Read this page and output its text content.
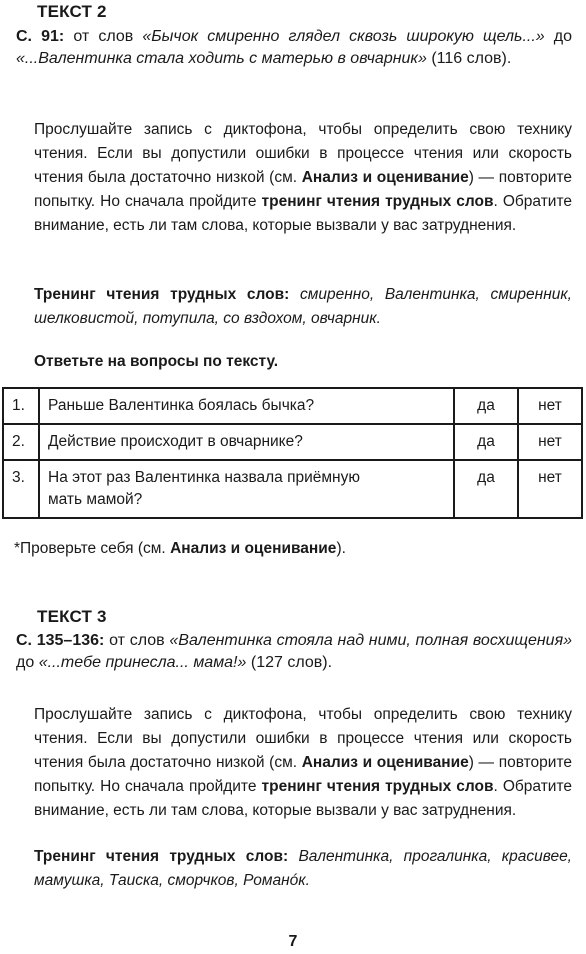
ТЕКСТ 2
С. 91: от слов «Бычок смиренно глядел сквозь широкую щель...» до «...Валентинка стала ходить с матерью в овчарник» (116 слов).
Прослушайте запись с диктофона, чтобы определить свою технику чтения. Если вы допустили ошибки в процессе чтения или скорость чтения была достаточно низкой (см. Анализ и оценивание) — повторите попытку. Но сначала пройдите тренинг чтения трудных слов. Обратите внимание, есть ли там слова, которые вызвали у вас затруднения.
Тренинг чтения трудных слов: смиренно, Валентинка, смиренник, шелковистой, потупила, со вздохом, овчарник.
Ответьте на вопросы по тексту.
1.	Раньше Валентинка боялась бычка?	да	нет
2.	Действие происходит в овчарнике?	да	нет
3.	На этот раз Валентинка назвала приёмную мать мамой?	да	нет
*Проверьте себя (см. Анализ и оценивание).
ТЕКСТ 3
С. 135–136: от слов «Валентинка стояла над ними, полная восхищения» до «...тебе принесла... мама!» (127 слов).
Прослушайте запись с диктофона, чтобы определить свою технику чтения. Если вы допустили ошибки в процессе чтения или скорость чтения была достаточно низкой (см. Анализ и оценивание) — повторите попытку. Но сначала пройдите тренинг чтения трудных слов. Обратите внимание, есть ли там слова, которые вызвали у вас затруднения.
Тренинг чтения трудных слов: Валентинка, прогалинка, красивее, мамушка, Таиска, сморчков, Романóк.
7
